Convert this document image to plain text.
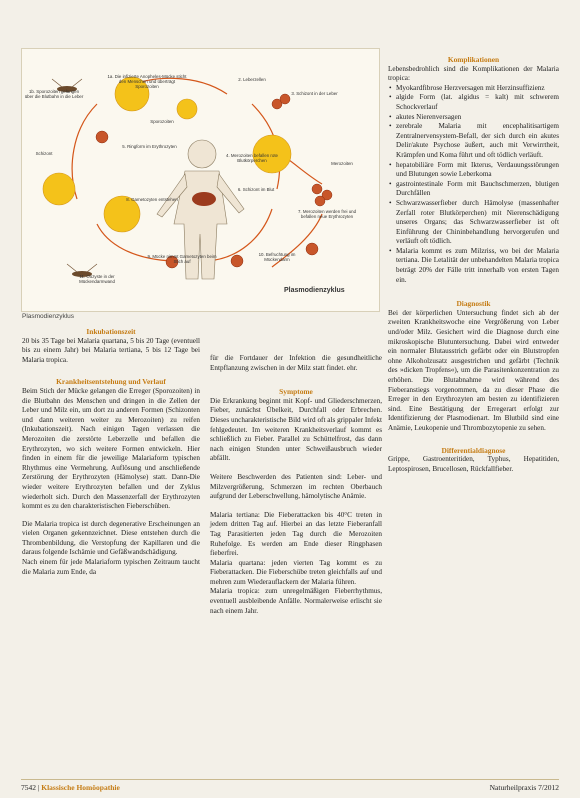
1a. Die infizierte Anopheles-Mücke sticht den Menschen und überträgt Sporozoiten
1b. Sporozoiten gelangen über die Blutbahn in die Leber
2. Leberzellen
3. Schizont in der Leber
4. Merozoiten befallen rote Blutkörperchen
5. Ringform im Erythrozyten
6. Schizont im Blut
7. Merozoiten werden frei und befallen neue Erythrozyten
8. Gametozyten entstehen
9. Mücke nimmt Gametozyten beim Stich auf
10. Befruchtung im Mückendarm
11. Oozyste in der Mückendarmwand
Schizont
Sporozoiten
Merozoiten
Plasmodienzyklus
Plasmodienzyklus

Inkubationszeit

20 bis 35 Tage bei Malaria quartana, 5 bis 20 Tage (eventuell bis zu einem Jahr) bei Malaria tertiana, 5 bis 12 Tage bei Malaria tropica.

Krankheitsentstehung und Verlauf

Beim Stich der Mücke gelangen die Erreger (Sporozoiten) in die Blutbahn des Menschen und dringen in die Zellen der Leber und Milz ein, um dort zu anderen Formen (Schizonten und dann weiteren weiter zu Merozoiten) zu reifen (Inkubationszeit). Nach einigen Tagen verlassen die Merozoiten die zerstörte Leberzelle und befallen die Erythrozyten, wo sich weitere Formen entwickeln. Hier finden in einem für die jeweilige Malariaform typischen Rhythmus eine Vermehrung, Auflösung und anschließende Zerstörung der Erythrozyten (Hämolyse) statt. Dann-Die wieder weitere Erythrozyten befallen und der Zyklus wiederholt sich. Durch den Massenzerfall der Erythrozyten kommt es zu den charakteristischen Fieberschüben.

Die Malaria tropica ist durch degenerative Erscheinungen an vielen Organen gekennzeichnet. Diese entstehen durch die Thrombenbildung, die Verstopfung der Kapillaren und die daraus folgende Ischämie und Gefäßwandschädigung.

Nach einem für jede Malariaform typischen Zeitraum taucht die Malaria zum Ende, da

für die Fortdauer der Infektion die gesundheitliche Entpflanzung zwischen in der Milz statt findet. ehr.

Symptome

Die Erkrankung beginnt mit Kopf- und Gliederschmerzen, Fieber, zunächst Übelkeit, Durchfall oder Erbrechen. Dieses uncharakteristische Bild wird oft als grippaler Infekt fehlgedeutet. Im weiteren Krankheitsverlauf kommt es schließlich zu Fieber. Parallel zu Schüttelfrost, das dann nach einigen Stunden unter Schweißausbruch wieder abfällt.

Weitere Beschwerden des Patienten sind: Leber- und Milzvergrößerung, Schmerzen im rechten Oberbauch aufgrund der Leberschwellung, hämolytische Anämie.

Malaria tertiana: Die Fieberattacken bis 40°C treten in jedem dritten Tag auf. Hierbei an das letzte Fieberanfall Tag Parasitierten jeden Tag durch die Merozoiten Ruhefolge. Es werden am Ende dieser Ringphasen fieberfrei.

Malaria quartana: jeden vierten Tag kommt es zu Fieberattacken. Die Fieberschübe treten gleichfalls auf und mehren zum Wiederauflackern der Malaria führen.

Malaria tropica: zum unregelmäßigen Fieberrhythmus, eventuell ausbleibende Anfälle. Normalerweise erlischt sie nach einem Jahr.

Komplikationen

Lebensbedrohlich sind die Komplikationen der Malaria tropica:

• Myokardfibrose Herzversagen mit Herzinsuffizienz
• algide Form (lat. algidus = kalt) mit schwerem Schockverlauf
• akutes Nierenversagen
• zerebrale Malaria mit encephalitisartigem Zentralnervensystem-Befall, der sich durch ein akutes Delir/akute Psychose äußert, auch mit Verwirrtheit, Krämpfen und Koma führt und oft tödlich verläuft.
• hepatobiliäre Form mit Ikterus, Verdauungsstörungen und Blutungen sowie Leberkoma
• gastrointestinale Form mit Bauchschmerzen, blutigen Durchfällen
• Schwarzwasserfieber durch Hämolyse (massenhafter Zerfall roter Blutkörperchen) mit Nierenschädigung unseres Organs; das Schwarzwasserfieber ist oft Einführung der Chininbehandlung hervorgerufen und verläuft oft tödlich.
• Malaria kommt es zum Milzriss, wo bei der Malaria tertiana. Die Letalität der unbehandelten Malaria tropica beträgt 20% der Fälle tritt innerhalb von ersten Tagen ein.

Diagnostik

Bei der körperlichen Untersuchung findet sich ab der zweiten Krankheitswoche eine Vergrößerung von Leber und/oder Milz. Gesichert wird die Diagnose durch eine mikroskopische Blutuntersuchung. Dabei wird entweder ein normaler Blutausstrich gefärbt oder ein Blutstropfen ohne Alkoholzusatz ausgestrichen und gefärbt (Technik des »dicken Tropfens«), um die Parasitenkonzentration zu erhöhen. Die Blutabnahme wird während des Fieberanstiegs vorgenommen, da zu dieser Phase die Erreger in den Erythrozyten am besten zu identifizieren sind. Eine Bestätigung der Erregerart erfolgt zur Identifizierung der Plasmodienart. Im Blutbild sind eine Anämie, Leukopenie und Thrombozytopenie zu sehen.

Differentialdiagnose

Grippe, Gastroenteritiden, Typhus, Hepatitiden, Leptospirosen, Brucellosen, Rückfallfieber.

7542 | Klassische Homöopathie	Naturheilpraxis 7/2012
